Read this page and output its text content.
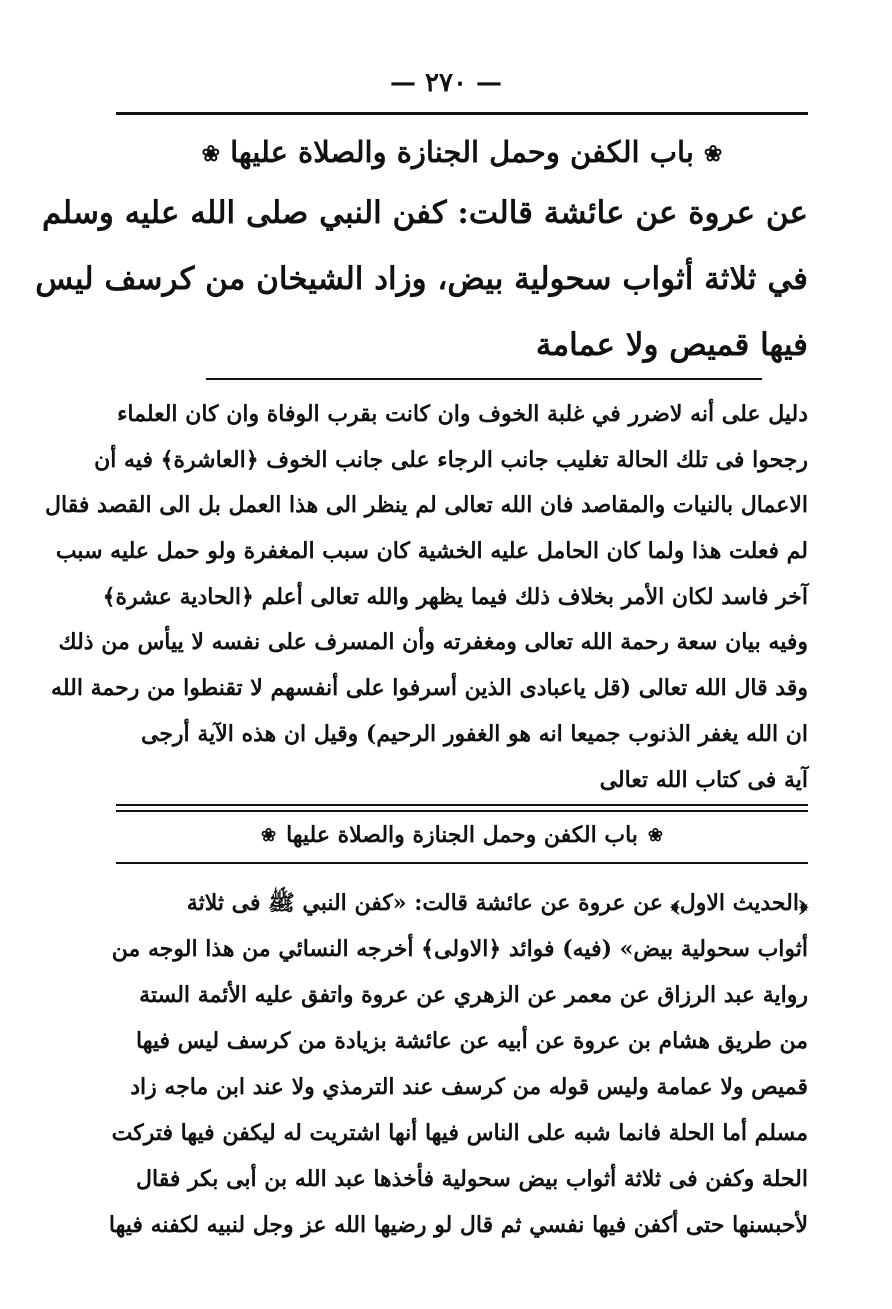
— ٢٧٠ —
❀باب الكفن وحمل الجنازة والصلاة عليها❀
عن عروة عن عائشة قالت: كفن النبي صلى الله عليه وسلم
في ثلاثة أثواب سحولية بيض، وزاد الشيخان من كرسف ليس
فيها قميص ولا عمامة
دليل على أنه لاضرر في غلبة الخوف وان كانت بقرب الوفاة وان كان العلماء
رجحوا فى تلك الحالة تغليب جانب الرجاء على جانب الخوف ﴿العاشرة﴾ فيه أن
الاعمال بالنيات والمقاصد فان الله تعالى لم ينظر الى هذا العمل بل الى القصد فقال
لم فعلت هذا ولما كان الحامل عليه الخشية كان سبب المغفرة ولو حمل عليه سبب
آخر فاسد لكان الأمر بخلاف ذلك فيما يظهر والله تعالى أعلم ﴿الحادية عشرة﴾
وفيه بيان سعة رحمة الله تعالى ومغفرته وأن المسرف على نفسه لا ييأس من ذلك
وقد قال الله تعالى (قل ياعبادى الذين أسرفوا على أنفسهم لا تقنطوا من رحمة الله
ان الله يغفر الذنوب جميعا انه هو الغفور الرحيم) وقيل ان هذه الآية أرجى
آية فى كتاب الله تعالى
❀باب الكفن وحمل الجنازة والصلاة عليها❀
﴿الحديث الاول﴾ عن عروة عن عائشة قالت: «كفن النبي ﷺ فى ثلاثة
أثواب سحولية بيض» (فيه) فوائد ﴿الاولى﴾ أخرجه النسائي من هذا الوجه من
رواية عبد الرزاق عن معمر عن الزهري عن عروة واتفق عليه الأئمة الستة
من طريق هشام بن عروة عن أبيه عن عائشة بزيادة من كرسف ليس فيها
قميص ولا عمامة وليس قوله من كرسف عند الترمذي ولا عند ابن ماجه زاد
مسلم أما الحلة فانما شبه على الناس فيها أنها اشتريت له ليكفن فيها فتركت
الحلة وكفن فى ثلاثة أثواب بيض سحولية فأخذها عبد الله بن أبى بكر فقال
لأحبسنها حتى أكفن فيها نفسي ثم قال لو رضيها الله عز وجل لنبيه لكفنه فيها
